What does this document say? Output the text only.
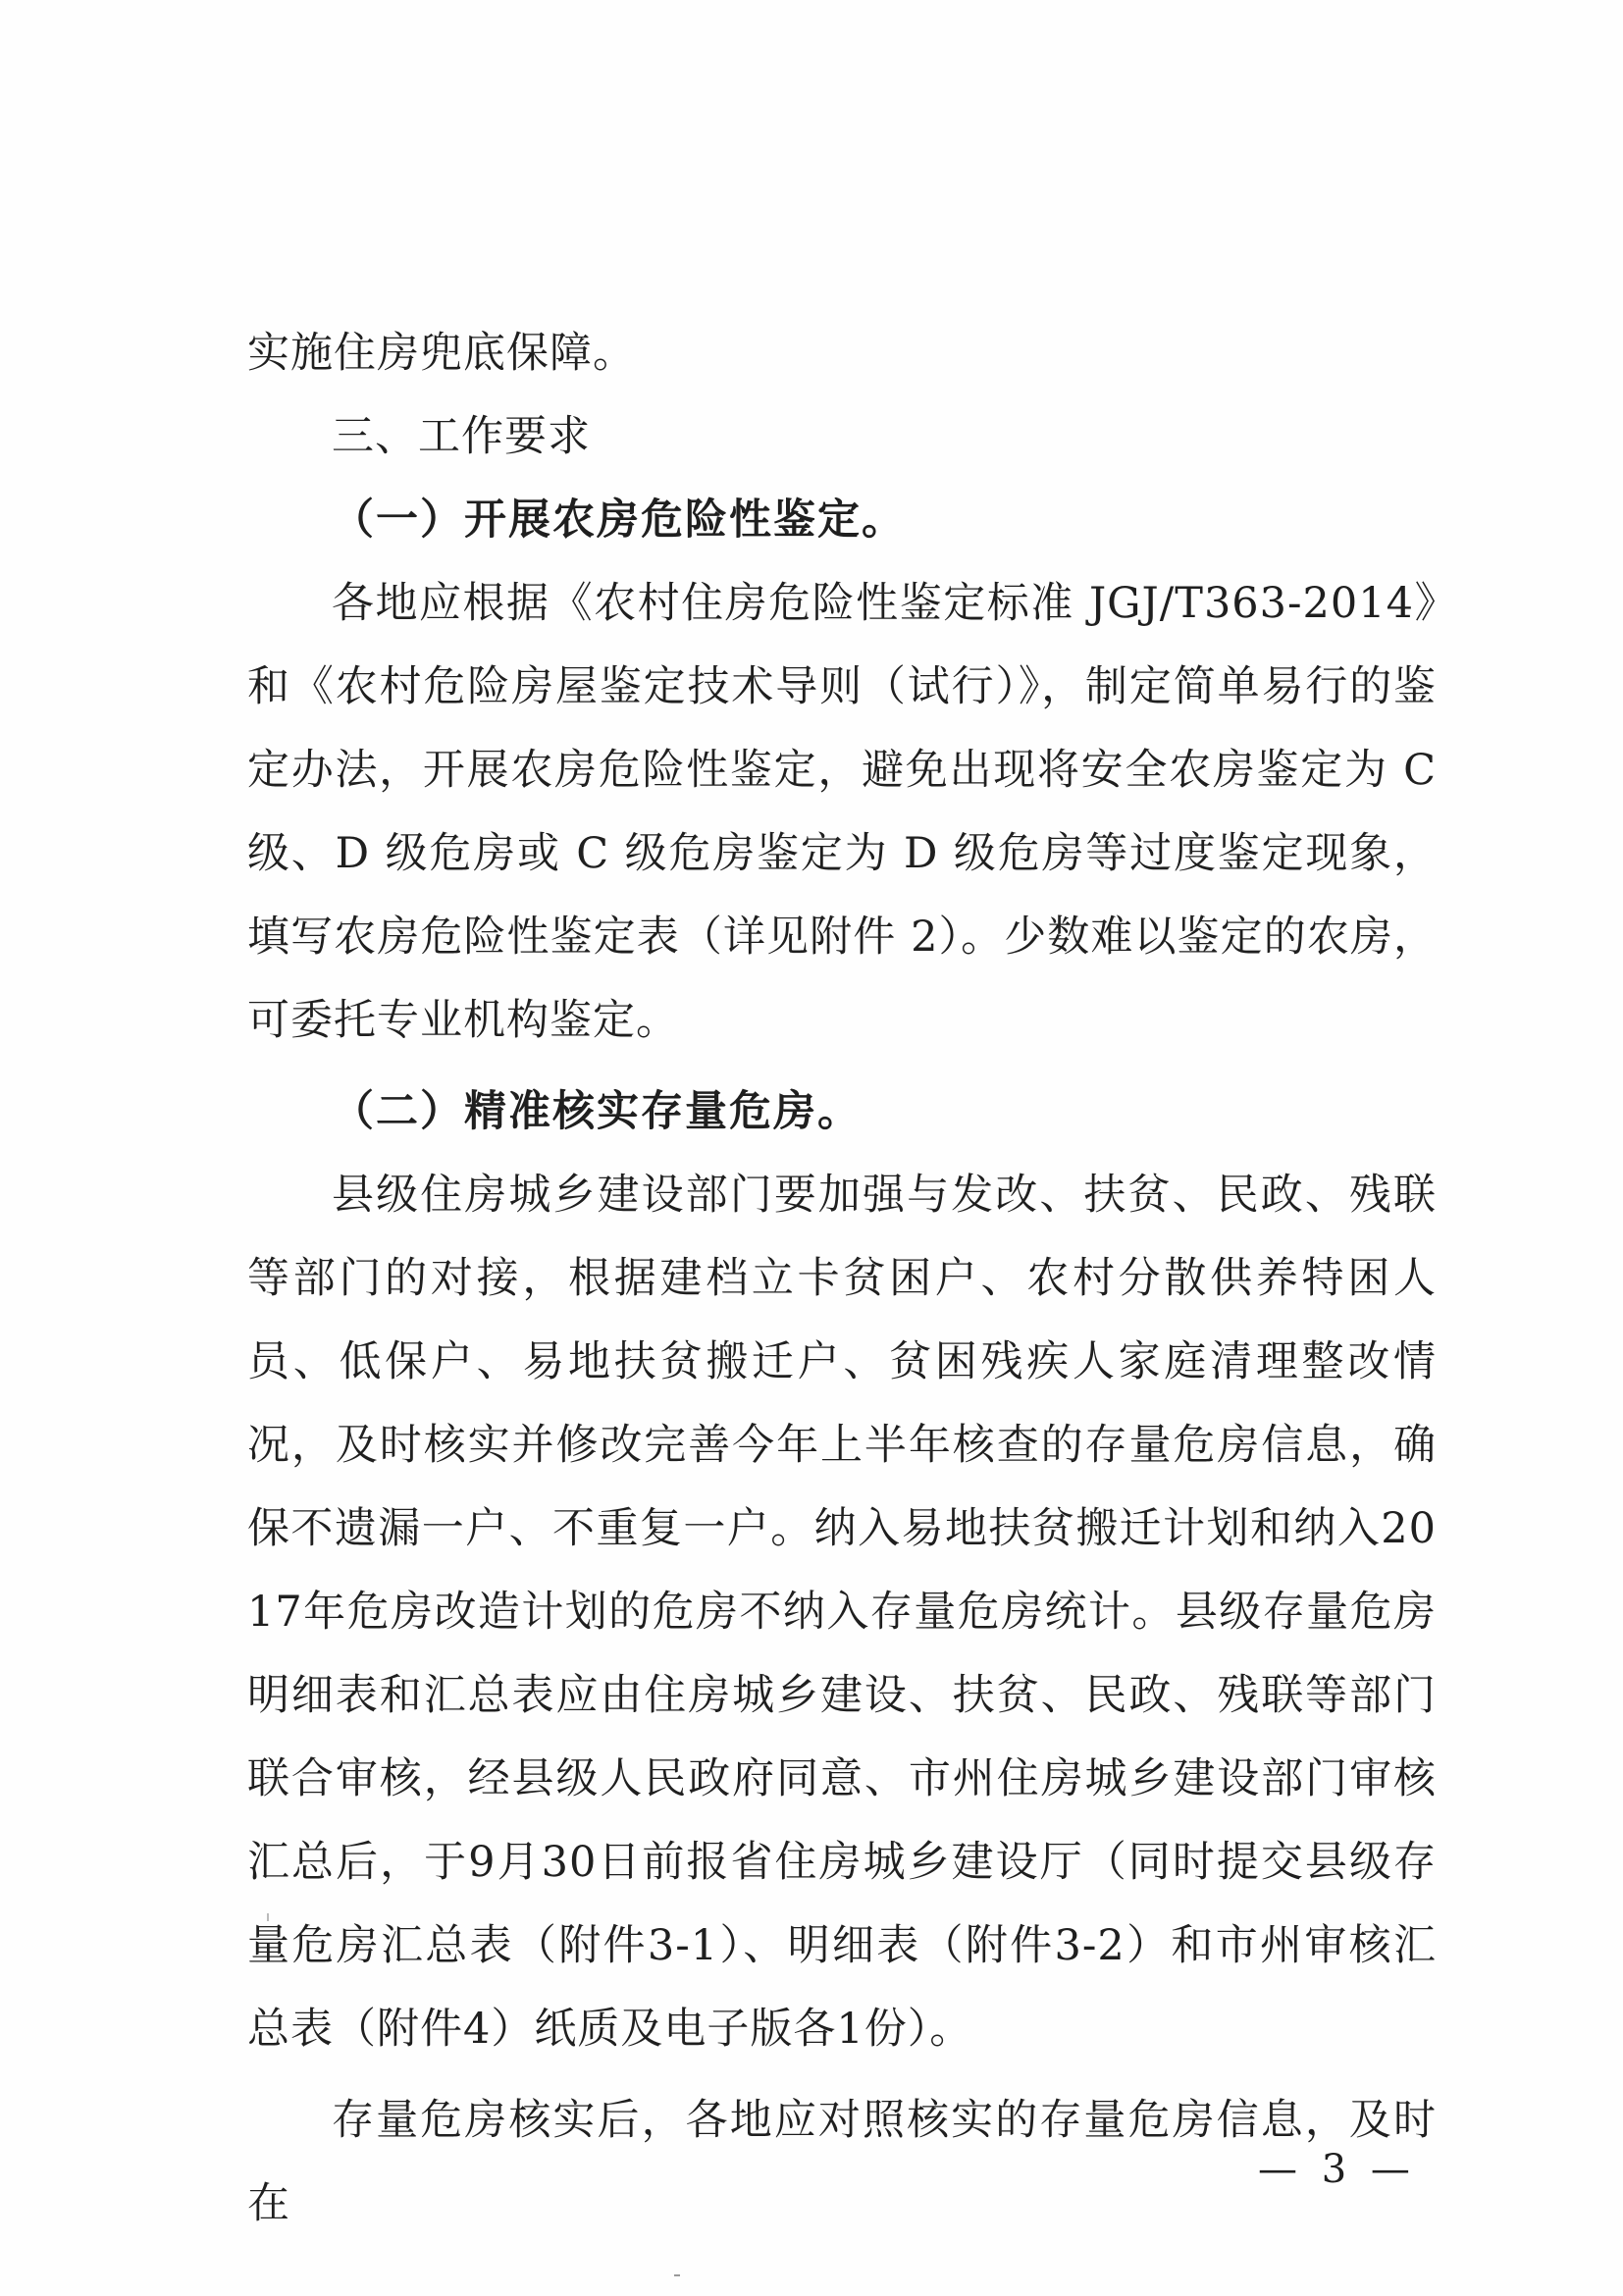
实施住房兜底保障。

三、工作要求

（一）开展农房危险性鉴定。

各地应根据《农村住房危险性鉴定标准 JGJ/T363-2014》和《农村危险房屋鉴定技术导则（试行）》，制定简单易行的鉴定办法，开展农房危险性鉴定，避免出现将安全农房鉴定为 C 级、D 级危房或 C 级危房鉴定为 D 级危房等过度鉴定现象，填写农房危险性鉴定表（详见附件 2）。少数难以鉴定的农房，可委托专业机构鉴定。

（二）精准核实存量危房。

县级住房城乡建设部门要加强与发改、扶贫、民政、残联等部门的对接，根据建档立卡贫困户、农村分散供养特困人员、低保户、易地扶贫搬迁户、贫困残疾人家庭清理整改情况，及时核实并修改完善今年上半年核查的存量危房信息，确保不遗漏一户、不重复一户。纳入易地扶贫搬迁计划和纳入2017年危房改造计划的危房不纳入存量危房统计。县级存量危房明细表和汇总表应由住房城乡建设、扶贫、民政、残联等部门联合审核，经县级人民政府同意、市州住房城乡建设部门审核汇总后，于9月30日前报省住房城乡建设厅（同时提交县级存量危房汇总表（附件3-1）、明细表（附件3-2）和市州审核汇总表（附件4）纸质及电子版各1份）。

存量危房核实后，各地应对照核实的存量危房信息，及时在

— 3 —
